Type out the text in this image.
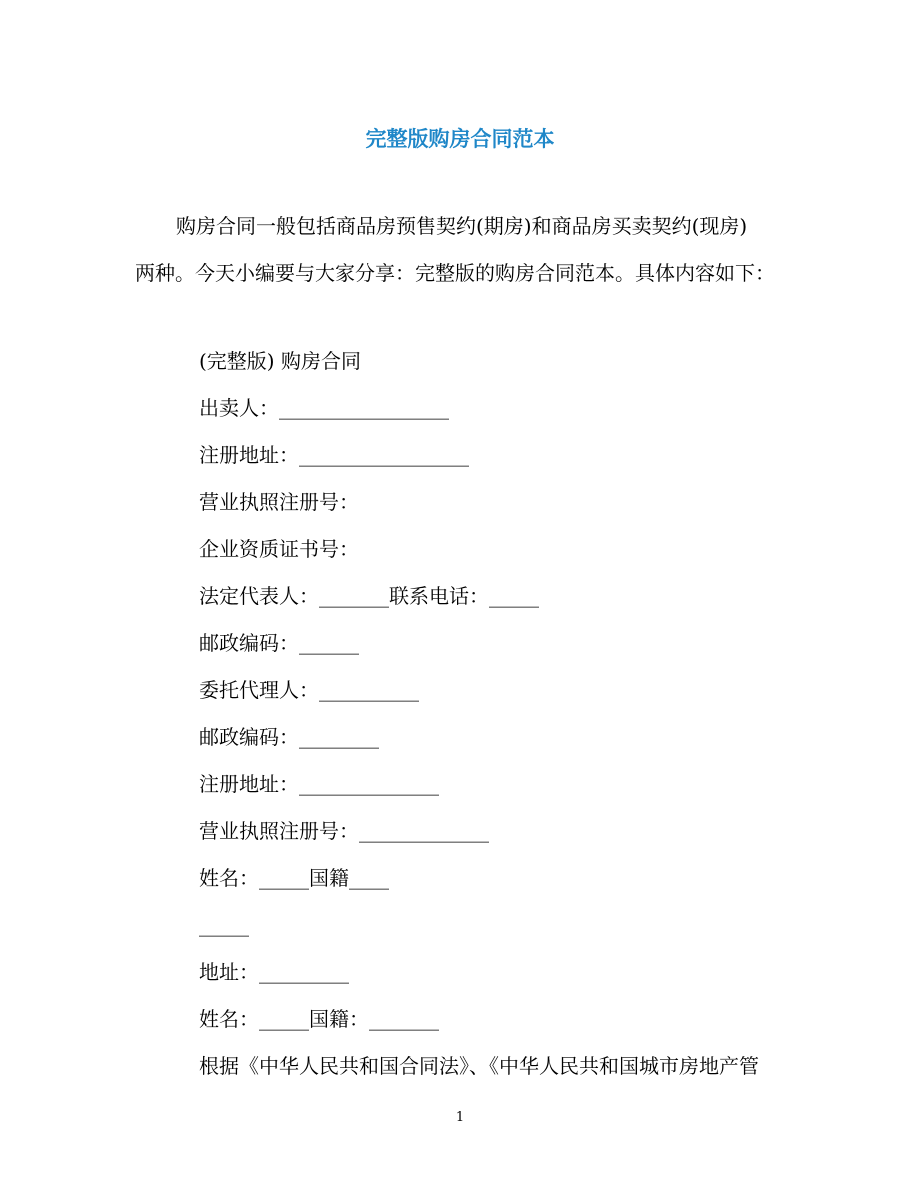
完整版购房合同范本

购房合同一般包括商品房预售契约(期房)和商品房买卖契约(现房)

两种。今天小编要与大家分享：完整版的购房合同范本。具体内容如下：

(完整版) 购房合同
出卖人：_________________
注册地址：_________________
营业执照注册号：
企业资质证书号：
法定代表人：_______联系电话：_____
邮政编码：______
委托代理人：__________
邮政编码：________
注册地址：______________
营业执照注册号：_____________
姓名：_____国籍____
_____
地址：_________
姓名：_____国籍：_______
根据《中华人民共和国合同法》、《中华人民共和国城市房地产管
1
